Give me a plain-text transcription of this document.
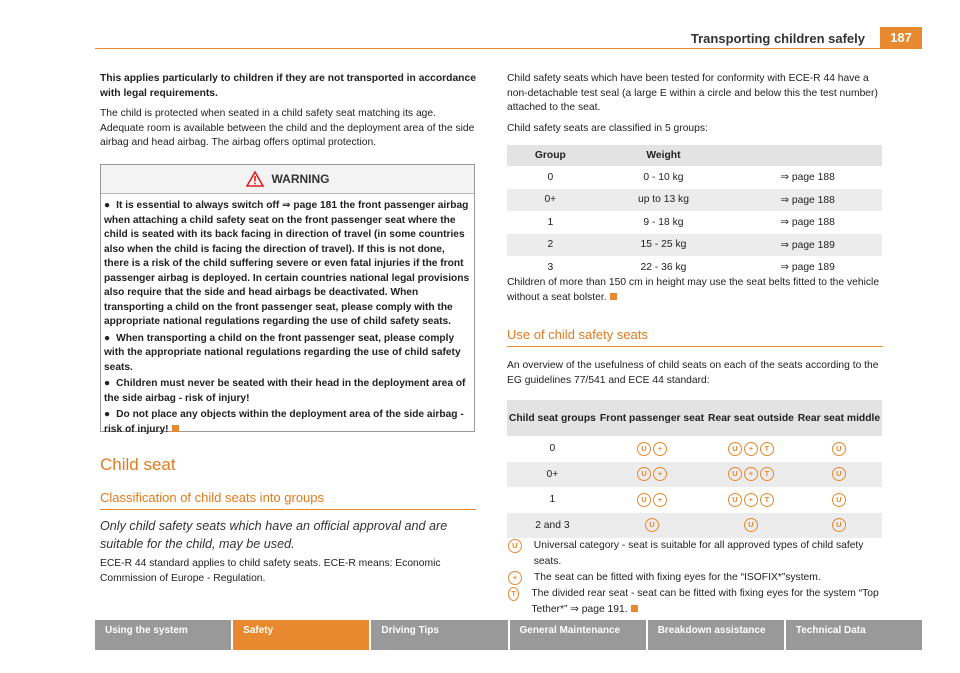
Transporting children safely	187

This applies particularly to children if they are not transported in accordance with legal requirements.

The child is protected when seated in a child safety seat matching its age. Adequate room is available between the child and the deployment area of the side airbag and head airbag. The airbag offers optimal protection.

WARNING

● It is essential to always switch off ⇒ page 181 the front passenger airbag when attaching a child safety seat on the front passenger seat where the child is seated with its back facing in direction of travel (in some countries also when the child is facing the direction of travel). If this is not done, there is a risk of the child suffering severe or even fatal injuries if the front passenger airbag is deployed. In certain countries national legal provisions also require that the side and head airbags be deactivated. When transporting a child on the front passenger seat, please comply with the appropriate national regulations regarding the use of child safety seats.

● When transporting a child on the front passenger seat, please comply with the appropriate national regulations regarding the use of child safety seats.

● Children must never be seated with their head in the deployment area of the side airbag - risk of injury!

● Do not place any objects within the deployment area of the side airbag - risk of injury!

Child seat
Classification of child seats into groups
Only child safety seats which have an official approval and are suitable for the child, may be used.

ECE-R 44 standard applies to child safety seats. ECE-R means: Economic Commission of Europe - Regulation.

Child safety seats which have been tested for conformity with ECE-R 44 have a non-detachable test seal (a large E within a circle and below this the test number) attached to the seat.

Child safety seats are classified in 5 groups:

Group	Weight	
0	0 - 10 kg	⇒ page 188
0+	up to 13 kg	⇒ page 188
1	9 - 18 kg	⇒ page 188
2	15 - 25 kg	⇒ page 189
3	22 - 36 kg	⇒ page 189

Children of more than 150 cm in height may use the seat belts fitted to the vehicle without a seat bolster.

Use of child safety seats

An overview of the usefulness of child seats on each of the seats according to the EG guidelines 77/541 and ECE 44 standard:

Child seat groups	Front passenger seat	Rear seat outside	Rear seat middle
0	U +	U + T	U
0+	U +	U + T	U
1	U +	U + T	U
2 and 3	U	U	U
U	Universal category - seat is suitable for all approved types of child safety seats.
+	The seat can be fitted with fixing eyes for the “ISOFIX*”system.
T	The divided rear seat - seat can be fitted with fixing eyes for the system “Top Tether*” ⇒ page 191.
Using the system	Safety	Driving Tips	General Maintenance	Breakdown assistance	Technical Data
